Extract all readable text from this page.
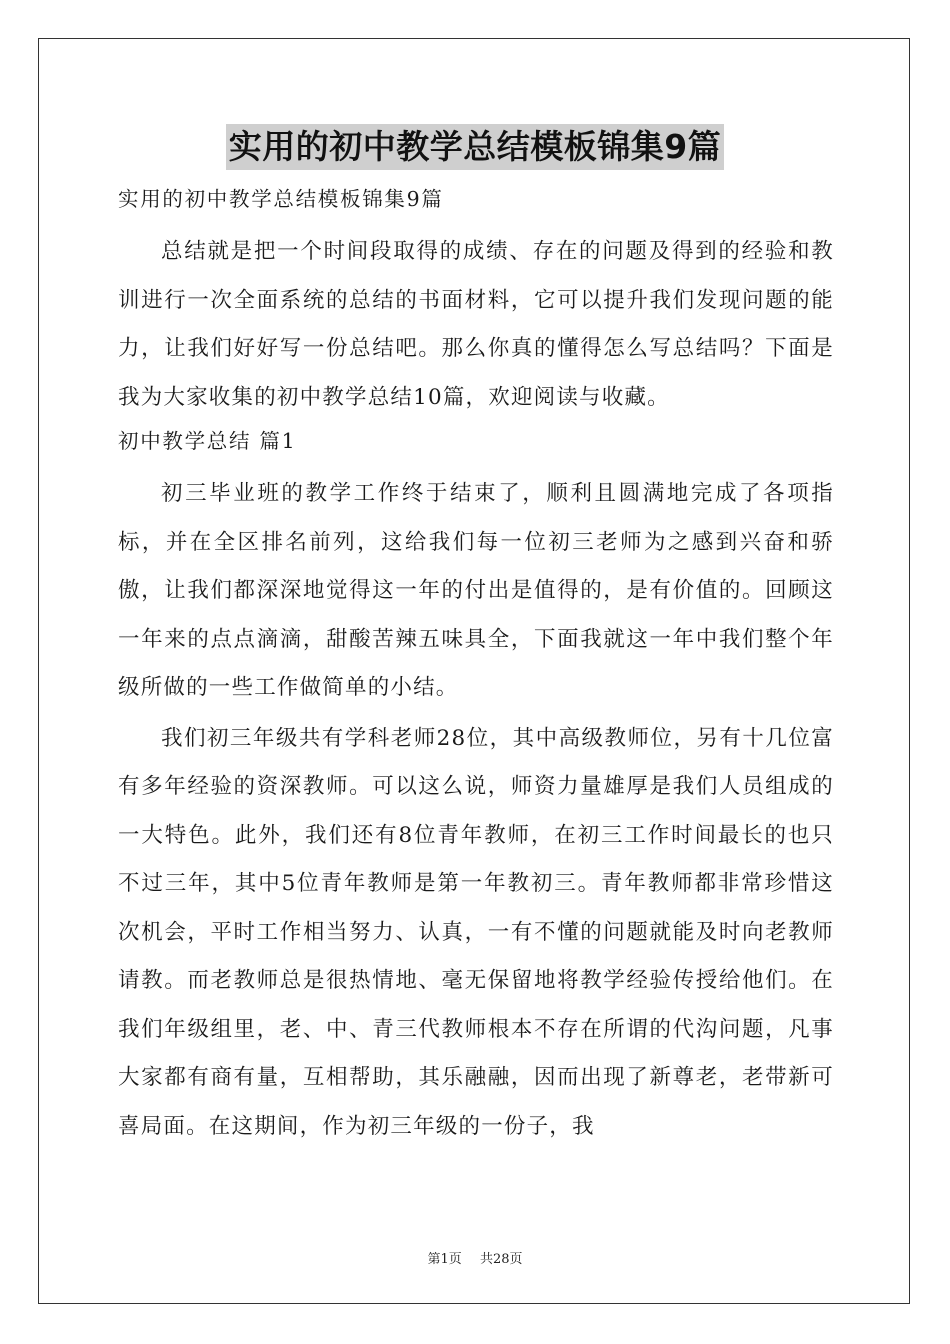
实用的初中教学总结模板锦集9篇

实用的初中教学总结模板锦集9篇

总结就是把一个时间段取得的成绩、存在的问题及得到的经验和教训进行一次全面系统的总结的书面材料，它可以提升我们发现问题的能力，让我们好好写一份总结吧。那么你真的懂得怎么写总结吗？下面是我为大家收集的初中教学总结10篇，欢迎阅读与收藏。

初中教学总结 篇1

初三毕业班的教学工作终于结束了，顺利且圆满地完成了各项指标，并在全区排名前列，这给我们每一位初三老师为之感到兴奋和骄傲，让我们都深深地觉得这一年的付出是值得的，是有价值的。回顾这一年来的点点滴滴，甜酸苦辣五味具全，下面我就这一年中我们整个年级所做的一些工作做简单的小结。

我们初三年级共有学科老师28位，其中高级教师位，另有十几位富有多年经验的资深教师。可以这么说，师资力量雄厚是我们人员组成的一大特色。此外，我们还有8位青年教师，在初三工作时间最长的也只不过三年，其中5位青年教师是第一年教初三。青年教师都非常珍惜这次机会，平时工作相当努力、认真，一有不懂的问题就能及时向老教师请教。而老教师总是很热情地、毫无保留地将教学经验传授给他们。在我们年级组里，老、中、青三代教师根本不存在所谓的代沟问题，凡事大家都有商有量，互相帮助，其乐融融，因而出现了新尊老，老带新可喜局面。在这期间，作为初三年级的一份子，我

第1页 共28页
